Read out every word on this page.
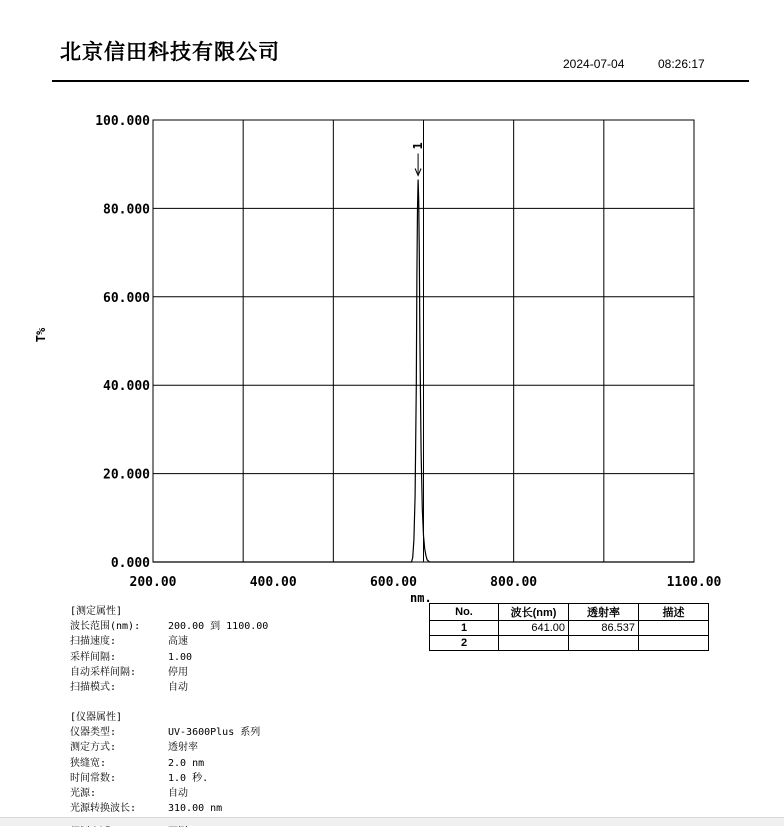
北京信田科技有限公司	2024-07-04	08:26:17
0.000
20.000
40.000
60.000
80.000
100.000
200.00	400.00	600.00	800.00	1100.00
1
T%
nm.
[测定属性]
波长范围(nm):	200.00 到 1100.00
扫描速度:	高速
采样间隔:	1.00
自动采样间隔:	停用
扫描模式:	自动
[仪器属性]
仪器类型:	UV-3600Plus 系列
测定方式:	透射率
狭缝宽:	2.0 nm
时间常数:	1.0 秒.
光源:	自动
光源转换波长:	310.00 nm
No.	波长(nm)	透射率	描述
1	641.00	86.537	
2			
